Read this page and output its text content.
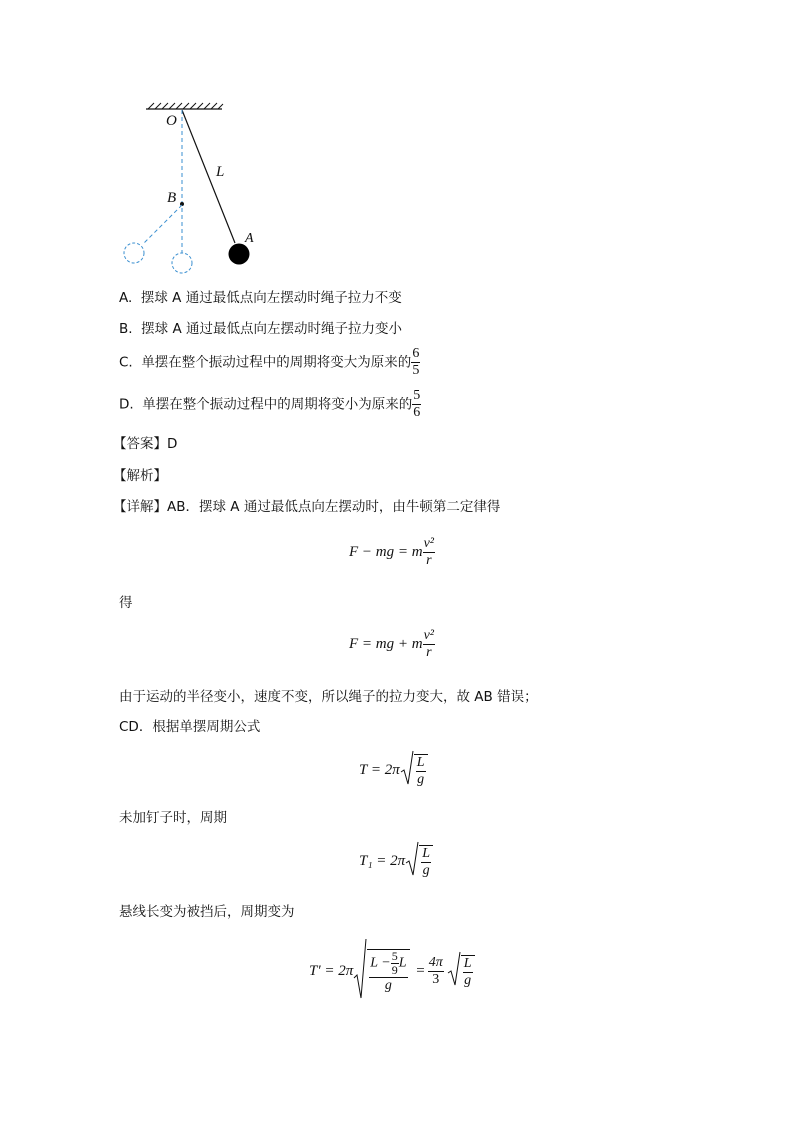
O
L
B
A
A. 摆球 A 通过最低点向左摆动时绳子拉力不变
B. 摆球 A 通过最低点向左摆动时绳子拉力变小
C. 单摆在整个振动过程中的周期将变大为原来的 $\frac{6}{5}$
D. 单摆在整个振动过程中的周期将变小为原来的 $\frac{5}{6}$
【答案】D
【解析】
【详解】AB．摆球 A 通过最低点向左摆动时，由牛顿第二定律得
F − mg = m $\frac{\text{v²}}{r}$
得
F = mg + m $\frac{\text{v²}}{r}$
由于运动的半径变小，速度不变，所以绳子的拉力变大，故 AB 错误；
CD．根据单摆周期公式
$T = 2\pi \frac{L}{g}$
未加钉子时，周期
$T_1 = 2\pi \frac{L}{g}$
悬线长变为被挡后，周期变为
$T' = 2\pi \frac{L - \frac{5}{9} L}{g} = \frac{4\pi}{3} \frac{L}{g}$
